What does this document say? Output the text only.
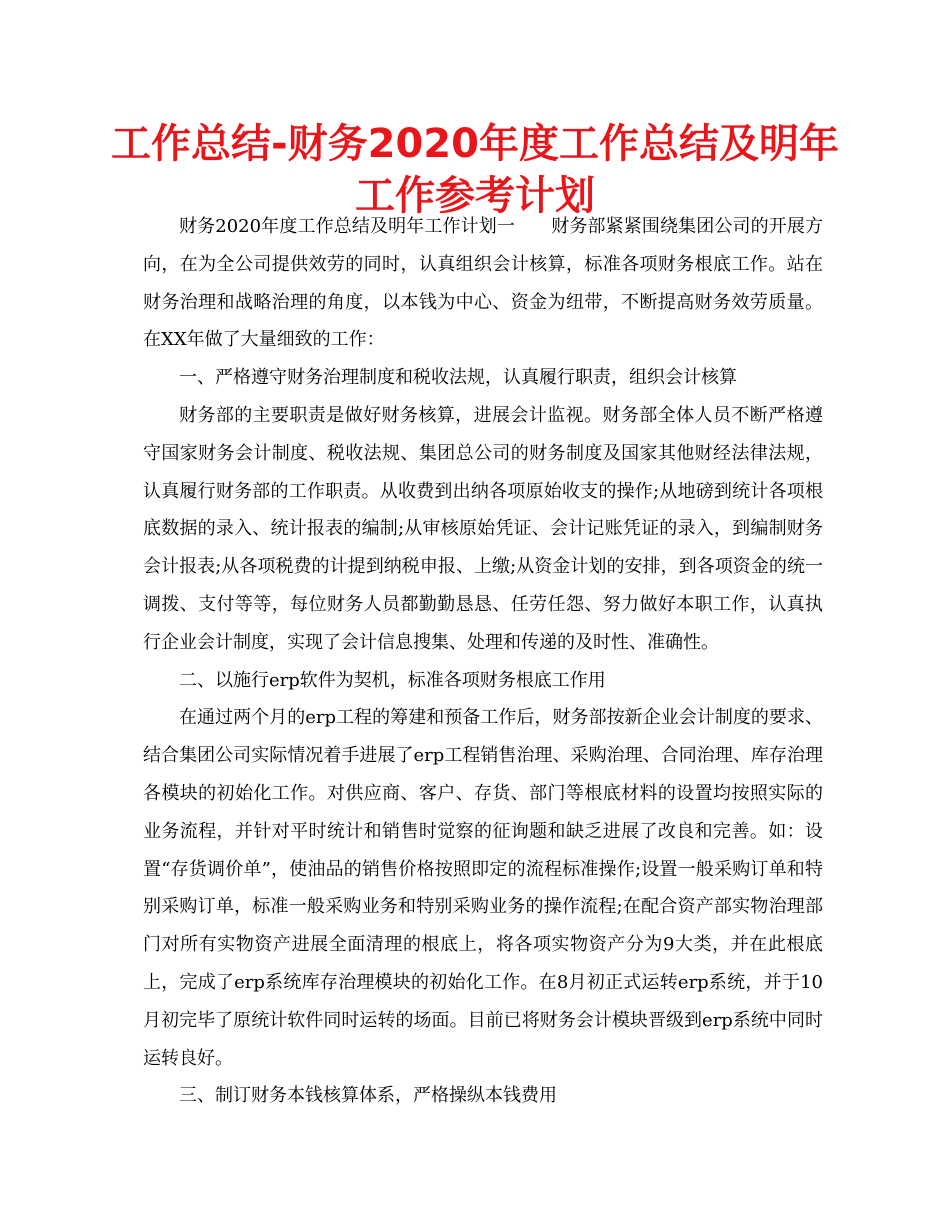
工作总结-财务2020年度工作总结及明年
工作参考计划

财务2020年度工作总结及明年工作计划一　　财务部紧紧围绕集团公司的开展方向，在为全公司提供效劳的同时，认真组织会计核算，标准各项财务根底工作。站在财务治理和战略治理的角度，以本钱为中心、资金为纽带，不断提高财务效劳质量。在XX年做了大量细致的工作：

一、严格遵守财务治理制度和税收法规，认真履行职责，组织会计核算

财务部的主要职责是做好财务核算，进展会计监视。财务部全体人员不断严格遵守国家财务会计制度、税收法规、集团总公司的财务制度及国家其他财经法律法规，认真履行财务部的工作职责。从收费到出纳各项原始收支的操作;从地磅到统计各项根底数据的录入、统计报表的编制;从审核原始凭证、会计记账凭证的录入，到编制财务会计报表;从各项税费的计提到纳税申报、上缴;从资金计划的安排，到各项资金的统一调拨、支付等等，每位财务人员都勤勤恳恳、任劳任怨、努力做好本职工作，认真执行企业会计制度，实现了会计信息搜集、处理和传递的及时性、准确性。

二、以施行erp软件为契机，标准各项财务根底工作用

在通过两个月的erp工程的筹建和预备工作后，财务部按新企业会计制度的要求、结合集团公司实际情况着手进展了erp工程销售治理、采购治理、合同治理、库存治理各模块的初始化工作。对供应商、客户、存货、部门等根底材料的设置均按照实际的业务流程，并针对平时统计和销售时觉察的征询题和缺乏进展了改良和完善。如：设置“存货调价单”，使油品的销售价格按照即定的流程标准操作;设置一般采购订单和特别采购订单，标准一般采购业务和特别采购业务的操作流程;在配合资产部实物治理部门对所有实物资产进展全面清理的根底上，将各项实物资产分为9大类，并在此根底上，完成了erp系统库存治理模块的初始化工作。在8月初正式运转erp系统，并于10月初完毕了原统计软件同时运转的场面。目前已将财务会计模块晋级到erp系统中同时运转良好。

三、制订财务本钱核算体系，严格操纵本钱费用
